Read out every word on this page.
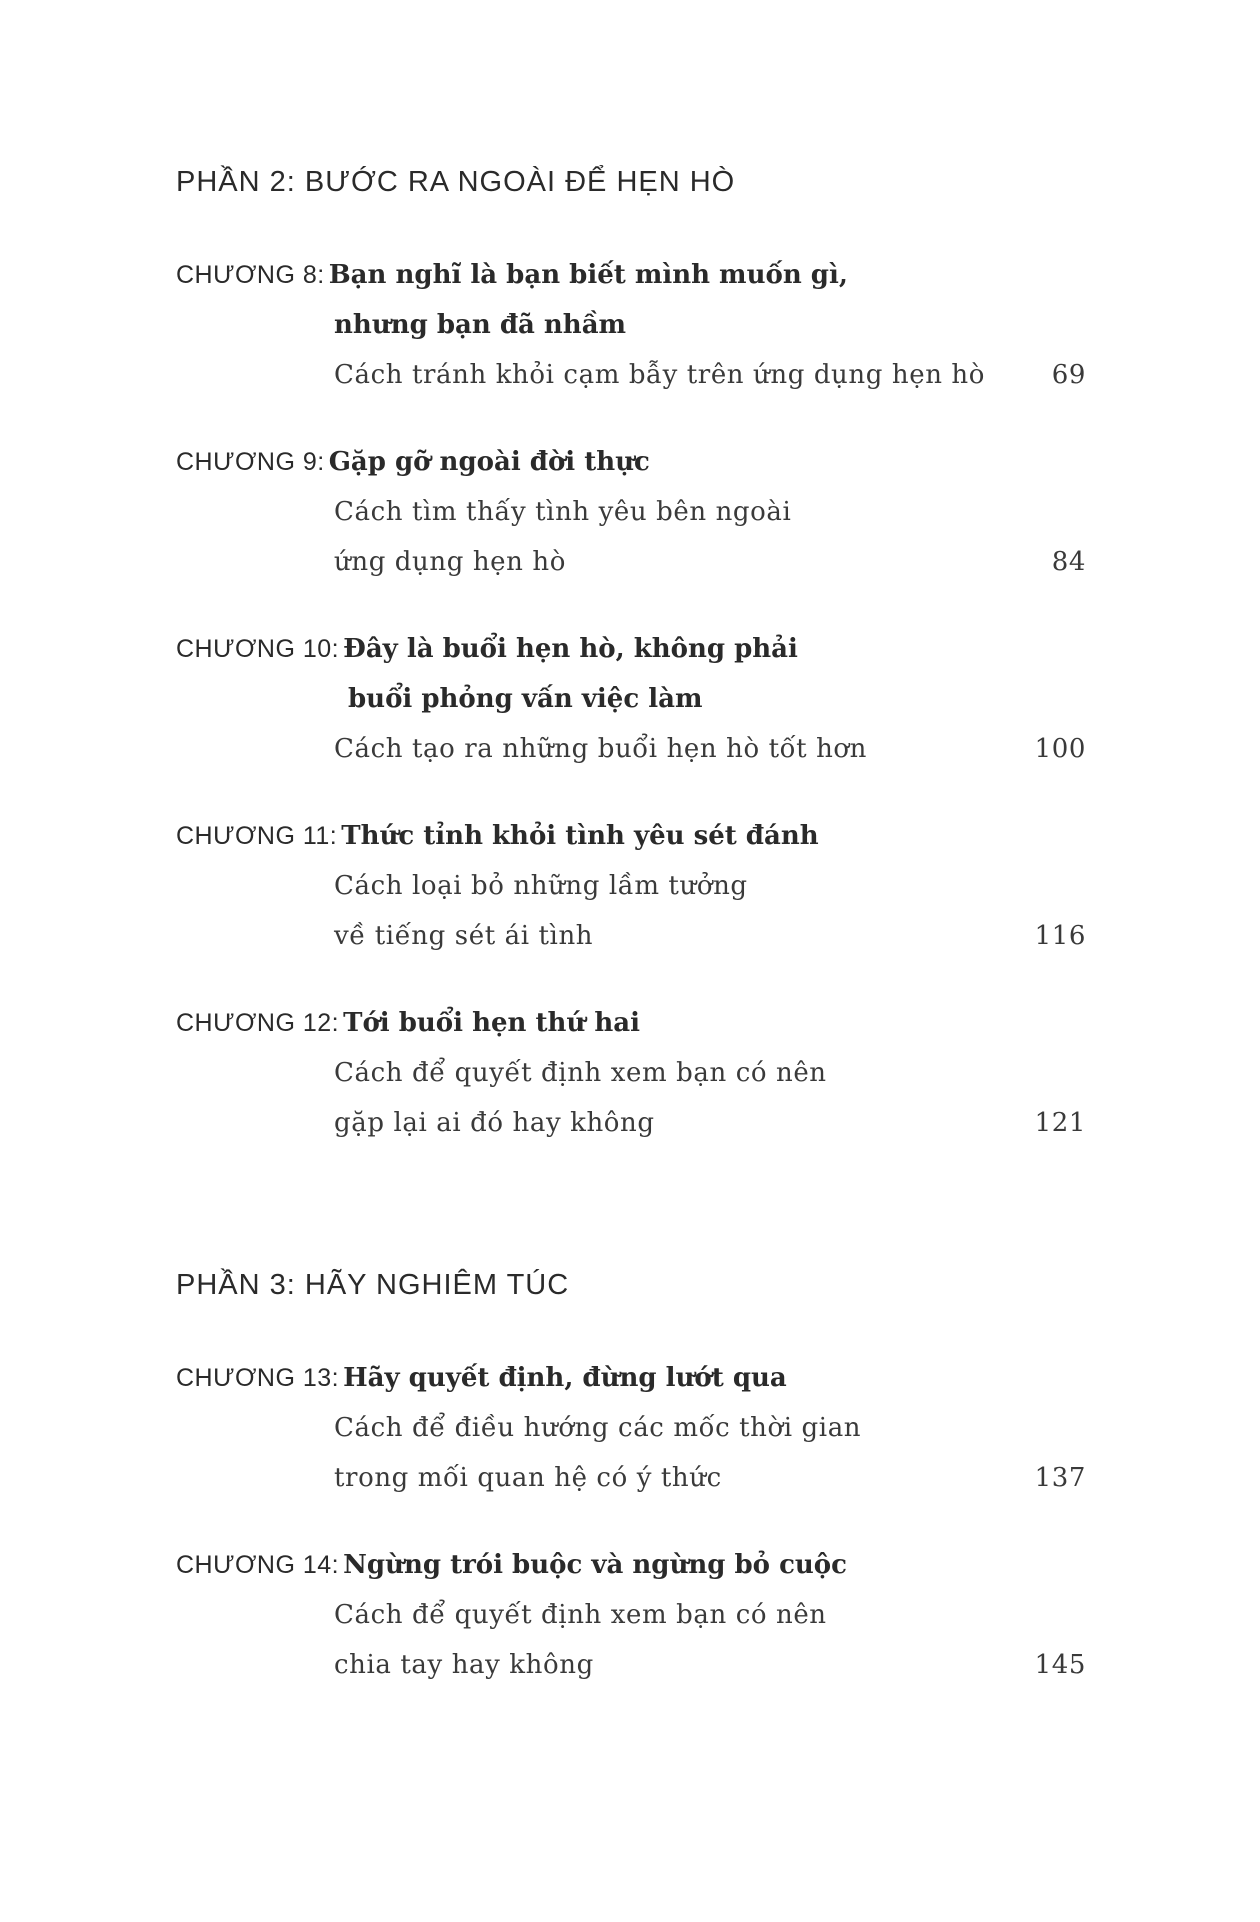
PHẦN 2: BƯỚC RA NGOÀI ĐỂ HẸN HÒ
CHƯƠNG 8: Bạn nghĩ là bạn biết mình muốn gì,
nhưng bạn đã nhầm
Cách tránh khỏi cạm bẫy trên ứng dụng hẹn hò	69
CHƯƠNG 9: Gặp gỡ ngoài đời thực
Cách tìm thấy tình yêu bên ngoài
ứng dụng hẹn hò	84
CHƯƠNG 10: Đây là buổi hẹn hò, không phải
buổi phỏng vấn việc làm
Cách tạo ra những buổi hẹn hò tốt hơn	100
CHƯƠNG 11: Thức tỉnh khỏi tình yêu sét đánh
Cách loại bỏ những lầm tưởng
về tiếng sét ái tình	116
CHƯƠNG 12: Tới buổi hẹn thứ hai
Cách để quyết định xem bạn có nên
gặp lại ai đó hay không	121
PHẦN 3: HÃY NGHIÊM TÚC
CHƯƠNG 13: Hãy quyết định, đừng lướt qua
Cách để điều hướng các mốc thời gian
trong mối quan hệ có ý thức	137
CHƯƠNG 14: Ngừng trói buộc và ngừng bỏ cuộc
Cách để quyết định xem bạn có nên
chia tay hay không	145
